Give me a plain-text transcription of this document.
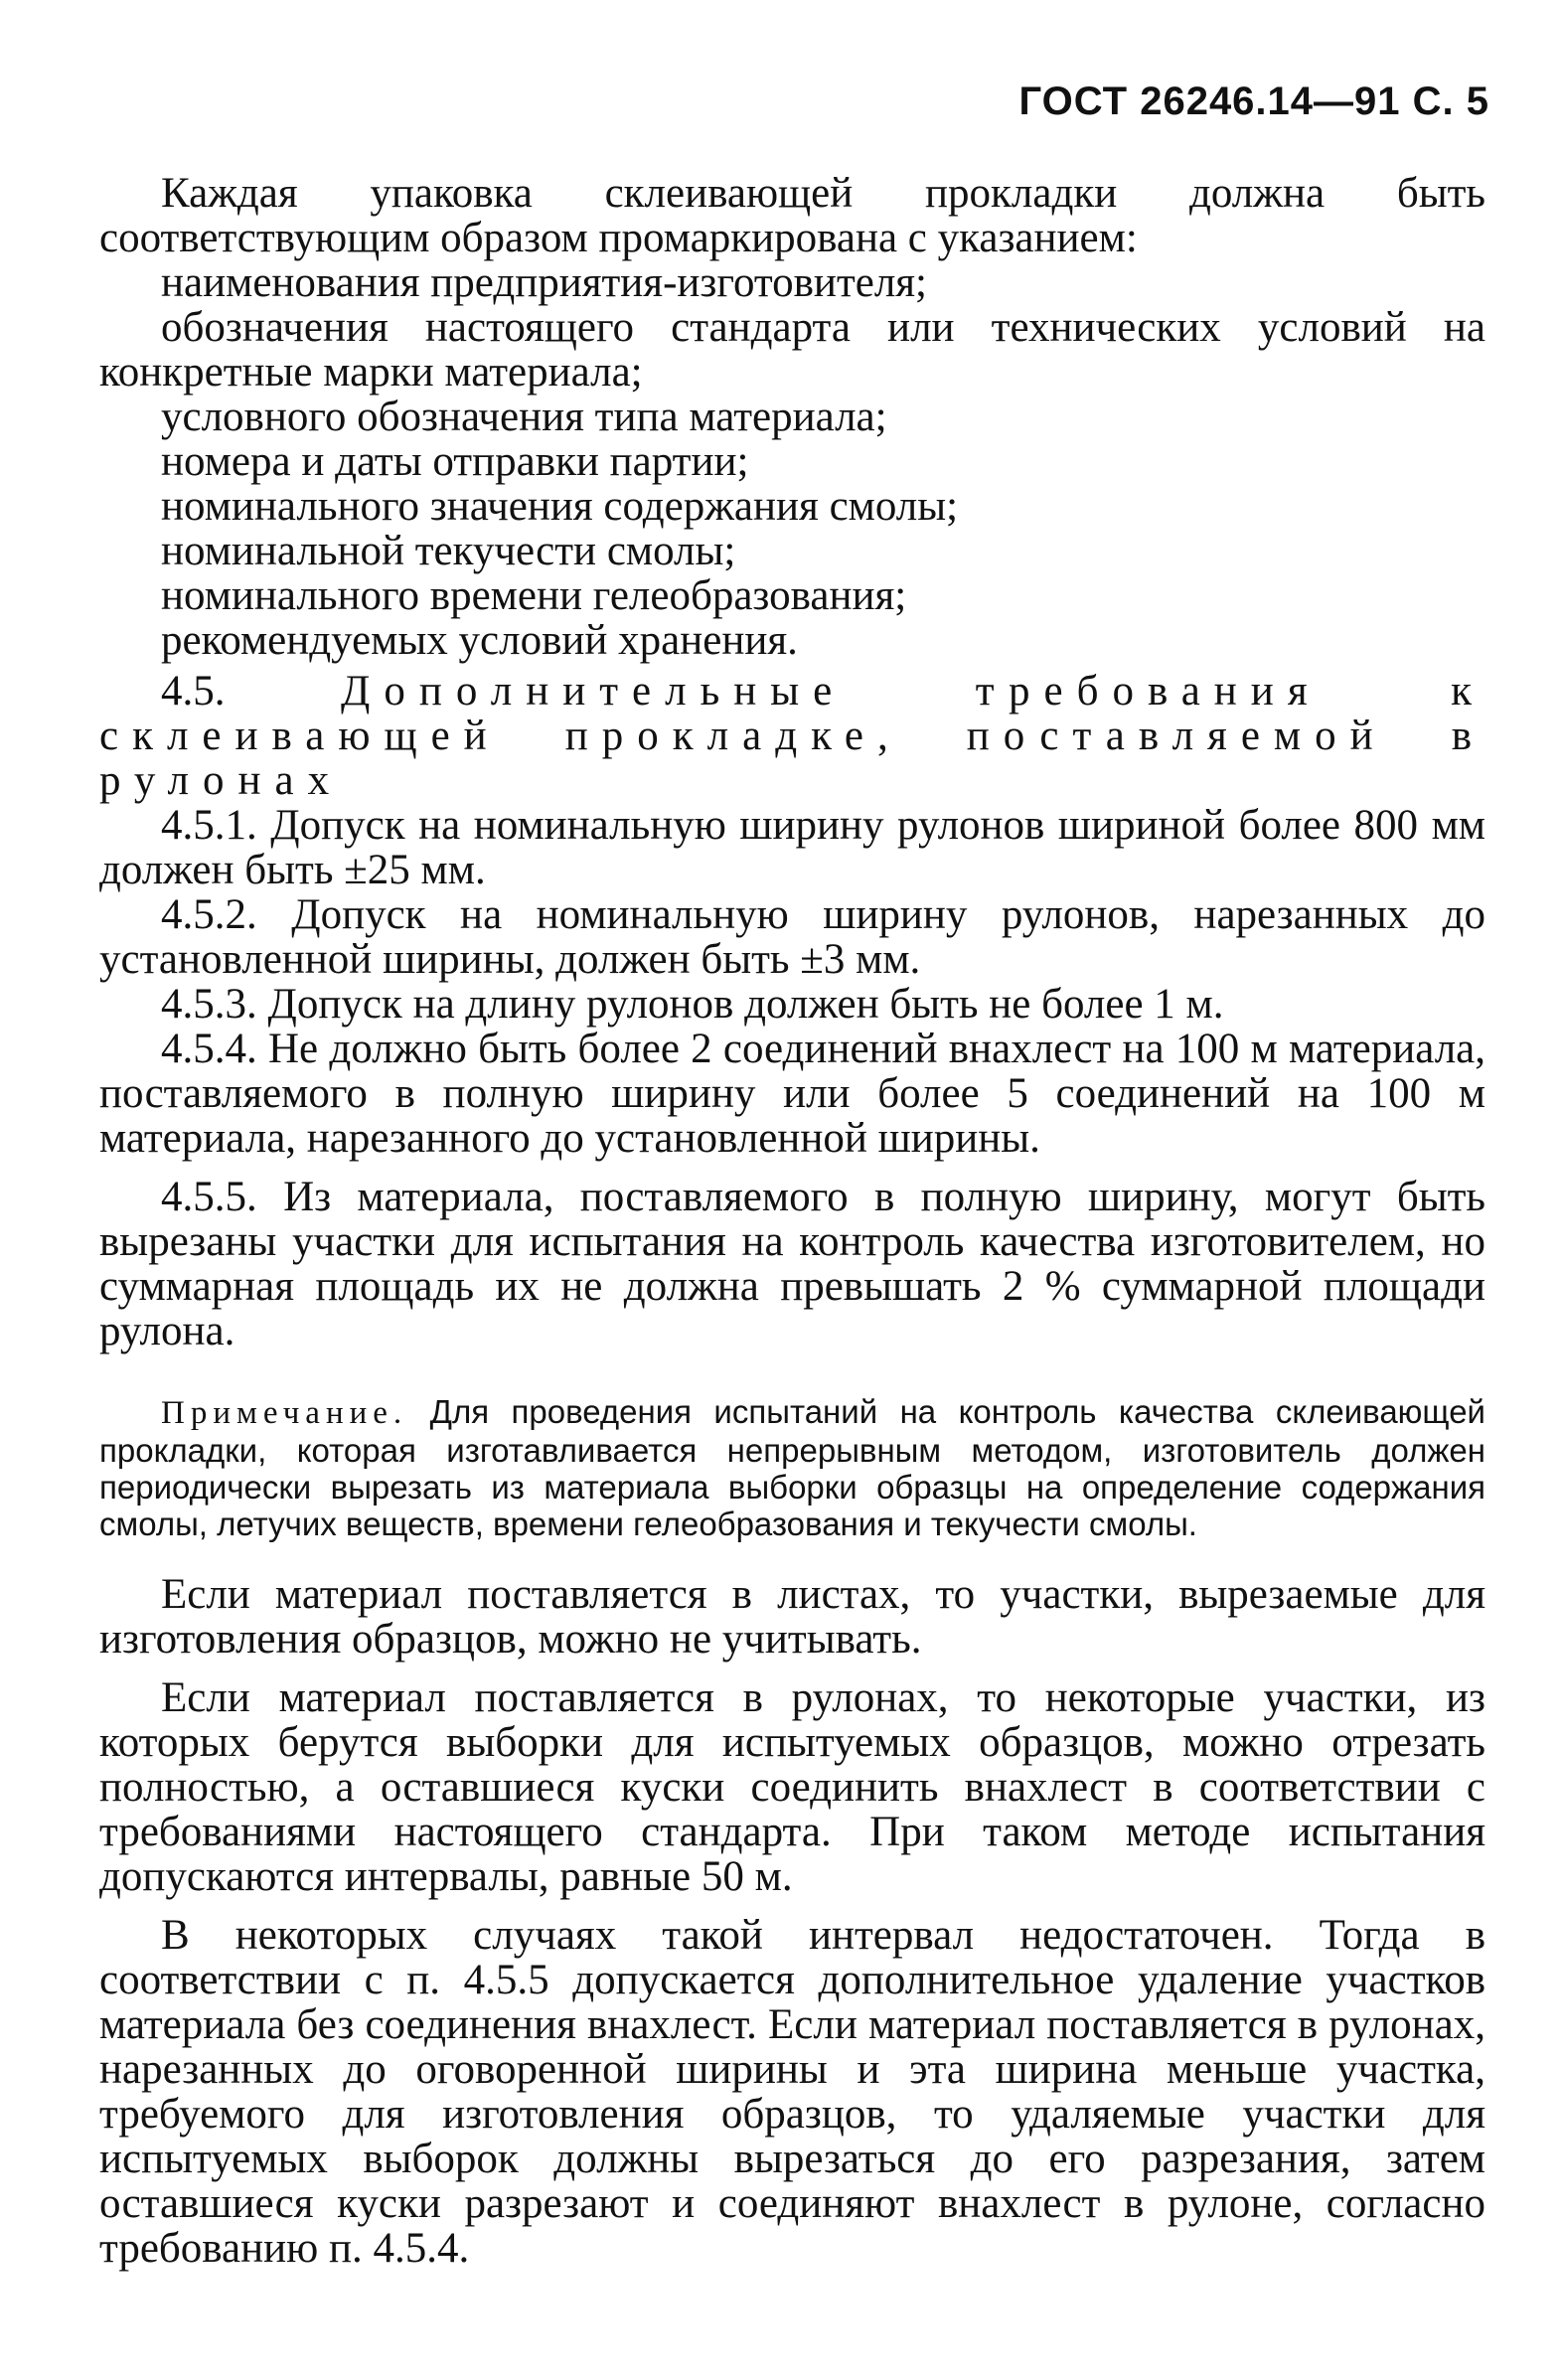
ГОСТ 26246.14—91 С. 5

Каждая упаковка склеивающей прокладки должна быть соответствующим образом промаркирована с указанием:

наименования предприятия-изготовителя;
обозначения настоящего стандарта или технических условий на конкретные марки материала;
условного обозначения типа материала;
номера и даты отправки партии;
номинального значения содержания смолы;
номинальной текучести смолы;
номинального времени гелеобразования;
рекомендуемых условий хранения.

4.5.	Дополнительные требования к склеивающей прокладке, поставляемой в рулонах

4.5.1. Допуск на номинальную ширину рулонов шириной более 800 мм должен быть ±25 мм.

4.5.2. Допуск на номинальную ширину рулонов, нарезанных до установленной ширины, должен быть ±3 мм.

4.5.3. Допуск на длину рулонов должен быть не более 1 м.

4.5.4. Не должно быть более 2 соединений внахлест на 100 м материала, поставляемого в полную ширину или более 5 соединений на 100 м материала, нарезанного до установленной ширины.

4.5.5. Из материала, поставляемого в полную ширину, могут быть вырезаны участки для испытания на контроль качества изготовителем, но суммарная площадь их не должна превышать 2 % суммарной площади рулона.

Примечание. Для проведения испытаний на контроль качества склеивающей прокладки, которая изготавливается непрерывным методом, изготовитель должен периодически вырезать из материала выборки образцы на определение содержания смолы, летучих веществ, времени гелеобразования и текучести смолы.

Если материал поставляется в листах, то участки, вырезаемые для изготовления образцов, можно не учитывать.

Если материал поставляется в рулонах, то некоторые участки, из которых берутся выборки для испытуемых образцов, можно отрезать полностью, а оставшиеся куски соединить внахлест в соответствии с требованиями настоящего стандарта. При таком методе испытания допускаются интервалы, равные 50 м.

В некоторых случаях такой интервал недостаточен. Тогда в соответствии с п. 4.5.5 допускается дополнительное удаление участков материала без соединения внахлест. Если материал поставляется в рулонах, нарезанных до оговоренной ширины и эта ширина меньше участка, требуемого для изготовления образцов, то удаляемые участки для испытуемых выборок должны вырезаться до его разрезания, затем оставшиеся куски разрезают и соединяют внахлест в рулоне, согласно требованию п. 4.5.4.
